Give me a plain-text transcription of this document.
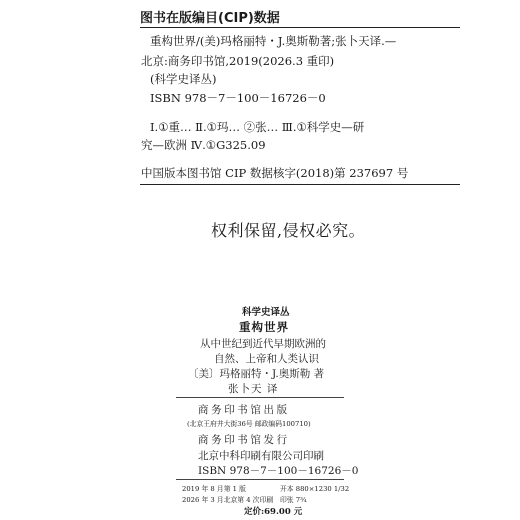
图书在版编目(CIP)数据
重构世界/(美)玛格丽特・J.奥斯勒著;张卜天译.—
北京:商务印书馆,2019(2026.3 重印)
(科学史译丛)
ISBN 978－7－100－16726－0
Ⅰ.①重… Ⅱ.①玛… ②张… Ⅲ.①科学史—研
究—欧洲 Ⅳ.①G325.09
中国版本图书馆 CIP 数据核字(2018)第 237697 号
权利保留,侵权必究。
科学史译丛
重构世界
从中世纪到近代早期欧洲的
自然、上帝和人类认识
〔美〕玛格丽特・J.奥斯勒 著
张卜天 译
商务印书馆出版
(北京王府井大街36号 邮政编码100710)
商务印书馆发行
北京中科印刷有限公司印刷
ISBN 978－7－100－16726－0
2019 年 8 月第 1 版	开本 880×1230 1/32
2026 年 3 月北京第 4 次印刷 印张 7¾
定价:69.00 元
